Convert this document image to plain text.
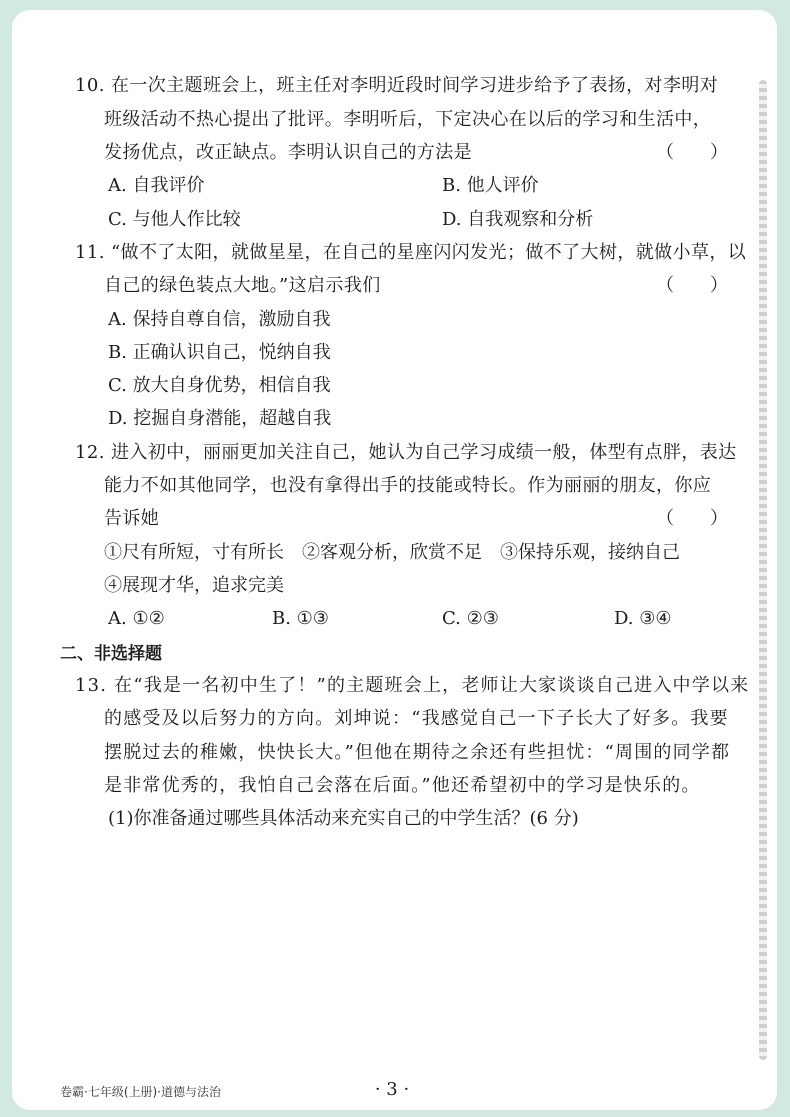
10. 在一次主题班会上，班主任对李明近段时间学习进步给予了表扬，对李明对
班级活动不热心提出了批评。李明听后，下定决心在以后的学习和生活中，
发扬优点，改正缺点。李明认识自己的方法是	（　　）
A. 自我评价	B. 他人评价
C. 与他人作比较	D. 自我观察和分析
11. “做不了太阳，就做星星，在自己的星座闪闪发光；做不了大树，就做小草，以
自己的绿色装点大地。”这启示我们	（　　）
A. 保持自尊自信，激励自我
B. 正确认识自己，悦纳自我
C. 放大自身优势，相信自我
D. 挖掘自身潜能，超越自我
12. 进入初中，丽丽更加关注自己，她认为自己学习成绩一般，体型有点胖，表达
能力不如其他同学，也没有拿得出手的技能或特长。作为丽丽的朋友，你应
告诉她	（　　）
①尺有所短，寸有所长　②客观分析，欣赏不足　③保持乐观，接纳自己
④展现才华，追求完美
A. ①②	B. ①③	C. ②③	D. ③④
二、非选择题
13. 在“我是一名初中生了！”的主题班会上，老师让大家谈谈自己进入中学以来
的感受及以后努力的方向。刘坤说：“我感觉自己一下子长大了好多。我要
摆脱过去的稚嫩，快快长大。”但他在期待之余还有些担忧：“周围的同学都
是非常优秀的，我怕自己会落在后面。”他还希望初中的学习是快乐的。
(1)你准备通过哪些具体活动来充实自己的中学生活？(6 分)
卷霸·七年级(上册)·道德与法治	· 3 ·
